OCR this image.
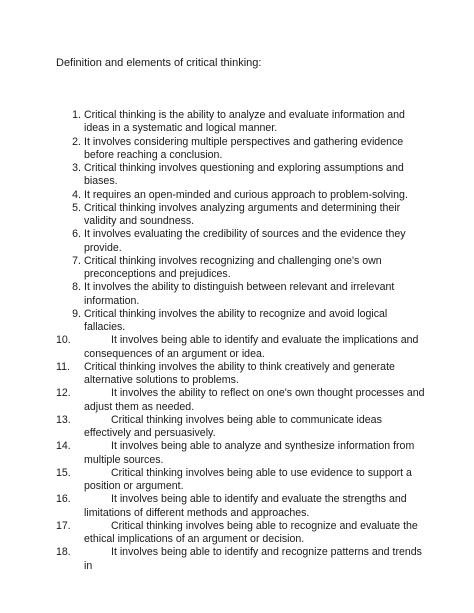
Definition and elements of critical thinking:
1. Critical thinking is the ability to analyze and evaluate information and ideas in a systematic and logical manner.
2. It involves considering multiple perspectives and gathering evidence before reaching a conclusion.
3. Critical thinking involves questioning and exploring assumptions and biases.
4. It requires an open-minded and curious approach to problem-solving.
5. Critical thinking involves analyzing arguments and determining their validity and soundness.
6. It involves evaluating the credibility of sources and the evidence they provide.
7. Critical thinking involves recognizing and challenging one's own preconceptions and prejudices.
8. It involves the ability to distinguish between relevant and irrelevant information.
9. Critical thinking involves the ability to recognize and avoid logical fallacies.
10.	It involves being able to identify and evaluate the implications and consequences of an argument or idea.
11.	Critical thinking involves the ability to think creatively and generate alternative solutions to problems.
12.	It involves the ability to reflect on one's own thought processes and adjust them as needed.
13.	Critical thinking involves being able to communicate ideas effectively and persuasively.
14.	It involves being able to analyze and synthesize information from multiple sources.
15.	Critical thinking involves being able to use evidence to support a position or argument.
16.	It involves being able to identify and evaluate the strengths and limitations of different methods and approaches.
17.	Critical thinking involves being able to recognize and evaluate the ethical implications of an argument or decision.
18.	It involves being able to identify and recognize patterns and trends in
